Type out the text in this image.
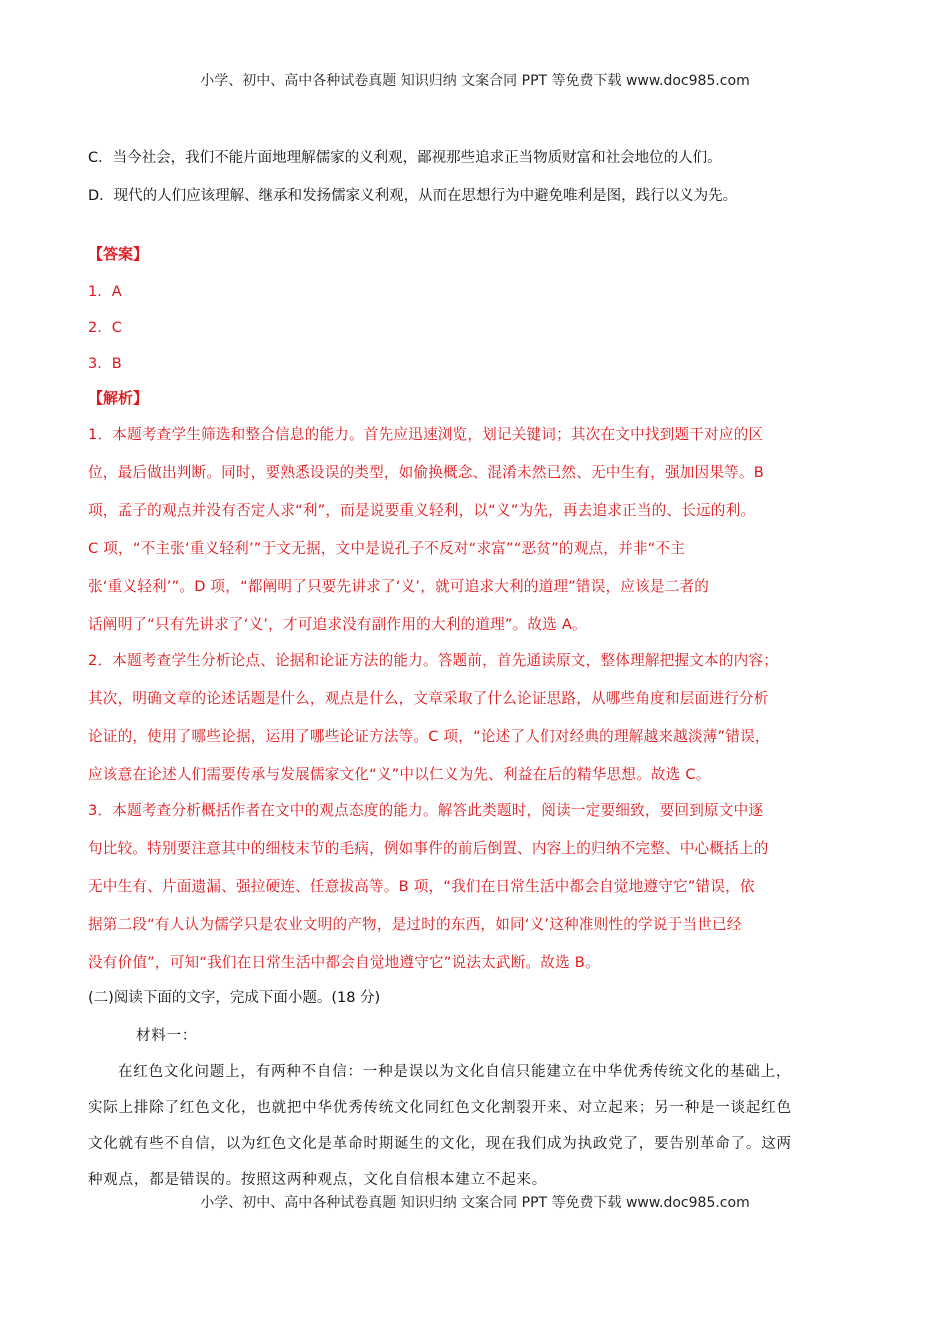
小学、初中、高中各种试卷真题 知识归纳 文案合同 PPT 等免费下载 www.doc985.com
C．当今社会，我们不能片面地理解儒家的义利观，鄙视那些追求正当物质财富和社会地位的人们。
D．现代的人们应该理解、继承和发扬儒家义利观，从而在思想行为中避免唯利是图，践行以义为先。
【答案】
1．A
2．C
3．B
【解析】
1．本题考查学生筛选和整合信息的能力。首先应迅速浏览，划记关键词；其次在文中找到题干对应的区
位，最后做出判断。同时，要熟悉设误的类型，如偷换概念、混淆未然已然、无中生有，强加因果等。B
项，孟子的观点并没有否定人求“利”，而是说要重义轻利，以“义”为先，再去追求正当的、长远的利。
C 项，“不主张‘重义轻利’”于文无据，文中是说孔子不反对“求富”“恶贫”的观点，并非“不主
张‘重义轻利’”。D 项，“都阐明了只要先讲求了‘义’，就可追求大利的道理”错误，应该是二者的
话阐明了“只有先讲求了‘义’，才可追求没有副作用的大利的道理”。故选 A。
2．本题考查学生分析论点、论据和论证方法的能力。答题前，首先通读原文，整体理解把握文本的内容；
其次，明确文章的论述话题是什么，观点是什么，文章采取了什么论证思路，从哪些角度和层面进行分析
论证的，使用了哪些论据，运用了哪些论证方法等。C 项，“论述了人们对经典的理解越来越淡薄”错误，
应该意在论述人们需要传承与发展儒家文化“义”中以仁义为先、利益在后的精华思想。故选 C。
3．本题考查分析概括作者在文中的观点态度的能力。解答此类题时，阅读一定要细致，要回到原文中逐
句比较。特别要注意其中的细枝末节的毛病，例如事件的前后倒置、内容上的归纳不完整、中心概括上的
无中生有、片面遗漏、强拉硬连、任意拔高等。B 项，“我们在日常生活中都会自觉地遵守它”错误，依
据第二段“有人认为儒学只是农业文明的产物，是过时的东西，如同‘义’这种准则性的学说于当世已经
没有价值”，可知“我们在日常生活中都会自觉地遵守它”说法太武断。故选 B。
(二)阅读下面的文字，完成下面小题。(18 分)
材料一：
在红色文化问题上，有两种不自信：一种是误以为文化自信只能建立在中华优秀传统文化的基础上，
实际上排除了红色文化，也就把中华优秀传统文化同红色文化割裂开来、对立起来；另一种是一谈起红色
文化就有些不自信，以为红色文化是革命时期诞生的文化，现在我们成为执政党了，要告别革命了。这两
种观点，都是错误的。按照这两种观点，文化自信根本建立不起来。
小学、初中、高中各种试卷真题 知识归纳 文案合同 PPT 等免费下载 www.doc985.com
